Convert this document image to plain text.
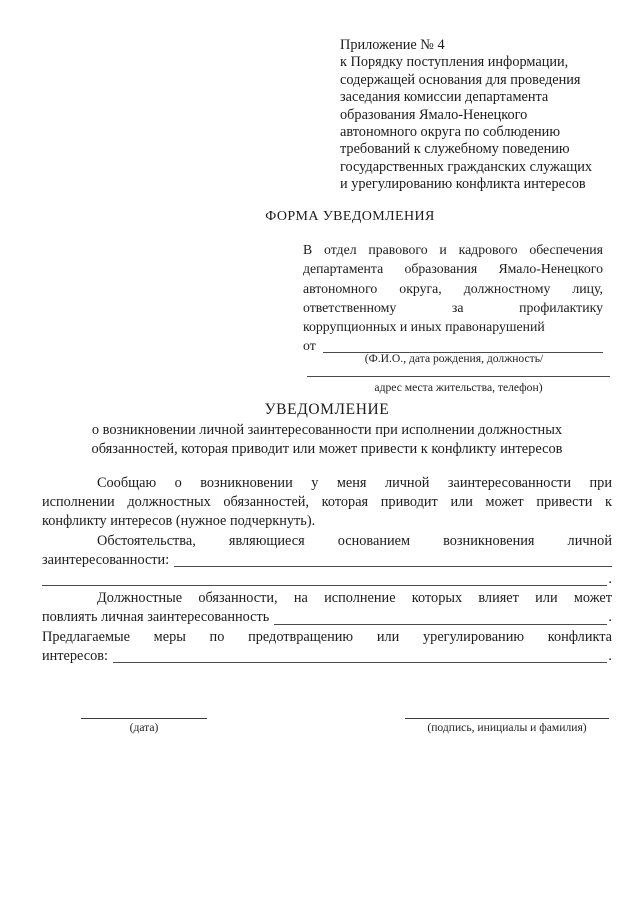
Приложение № 4
к Порядку поступления информации,
содержащей основания для проведения
заседания комиссии департамента
образования Ямало-Ненецкого
автономного округа по соблюдению
требований к служебному поведению
государственных гражданских служащих
и урегулированию конфликта интересов
ФОРМА УВЕДОМЛЕНИЯ
В отдел правового и кадрового обеспечения
департамента образования Ямало-Ненецкого
автономного округа, должностному лицу,
ответственному за профилактику
коррупционных и иных правонарушений
от
(Ф.И.О., дата рождения, должность/
адрес места жительства, телефон)
УВЕДОМЛЕНИЕ
о возникновении личной заинтересованности при исполнении должностных
обязанностей, которая приводит или может привести к конфликту интересов
Сообщаю о возникновении у меня личной заинтересованности при
исполнении должностных обязанностей, которая приводит или может привести к
конфликту интересов (нужное подчеркнуть).
Обстоятельства, являющиеся основанием возникновения личной
заинтересованности:
.
Должностные обязанности, на исполнение которых влияет или может
повлиять личная заинтересованность	.
Предлагаемые меры по предотвращению или урегулированию конфликта
интересов:	.
(дата)	(подпись, инициалы и фамилия)
